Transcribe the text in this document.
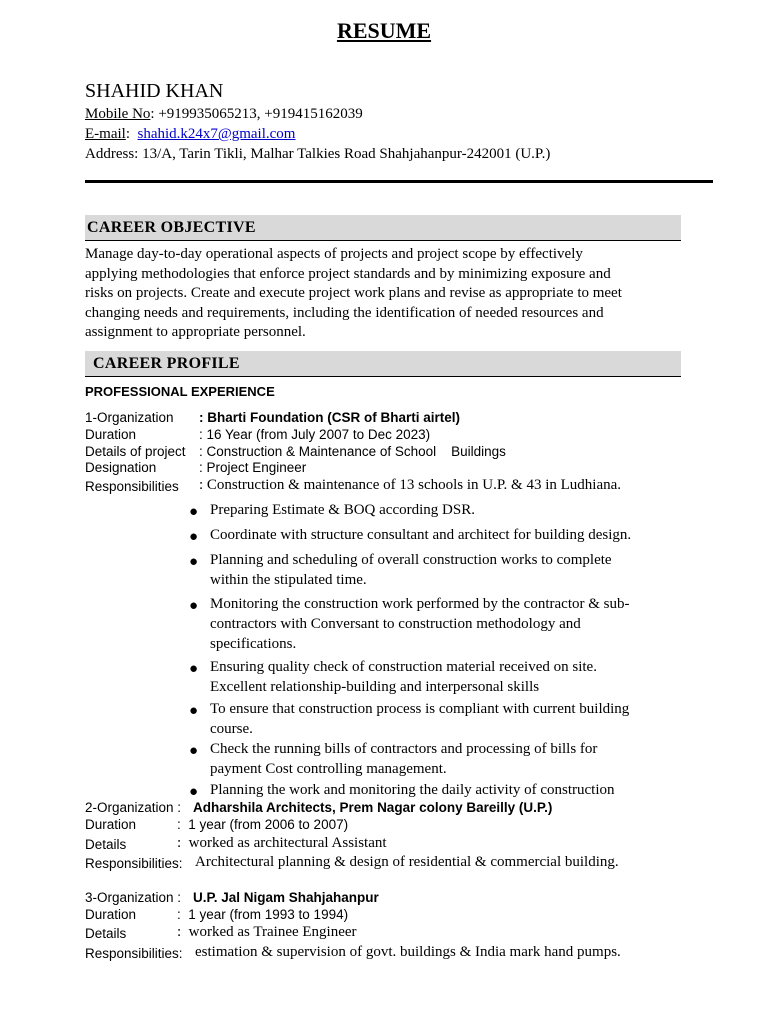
RESUME
SHAHID KHAN
Mobile No: +919935065213, +919415162039
E-mail: shahid.k24x7@gmail.com
Address: 13/A, Tarin Tikli, Malhar Talkies Road Shahjahanpur-242001 (U.P.)
CAREER OBJECTIVE
Manage day-to-day operational aspects of projects and project scope by effectively
applying methodologies that enforce project standards and by minimizing exposure and
risks on projects. Create and execute project work plans and revise as appropriate to meet
changing needs and requirements, including the identification of needed resources and
assignment to appropriate personnel.
CAREER PROFILE
PROFESSIONAL EXPERIENCE
1-Organization : Bharti Foundation (CSR of Bharti airtel)
Duration	: 16 Year (from July 2007 to Dec 2023)
Details of project : Construction & Maintenance of School    Buildings
Designation	: Project Engineer
Responsibilities : Construction & maintenance of 13 schools in U.P. & 43 in Ludhiana.
● Preparing Estimate & BOQ according DSR.
● Coordinate with structure consultant and architect for building design.
● Planning and scheduling of overall construction works to complete
within the stipulated time.
● Monitoring the construction work performed by the contractor & sub-
contractors with Conversant to construction methodology and
specifications.
● Ensuring quality check of construction material received on site.
Excellent relationship-building and interpersonal skills
● To ensure that construction process is compliant with current building
course.
● Check the running bills of contractors and processing of bills for
payment Cost controlling management.
● Planning the work and monitoring the daily activity of construction
2-Organization : Adharshila Architects, Prem Nagar colony Bareilly (U.P.)
Duration	:  1 year (from 2006 to 2007)
Details	:  worked as architectural Assistant
Responsibilities: Architectural planning & design of residential & commercial building.
3-Organization : U.P. Jal Nigam Shahjahanpur
Duration	:  1 year (from 1993 to 1994)
Details	:  worked as Trainee Engineer
Responsibilities: estimation & supervision of govt. buildings & India mark hand pumps.
